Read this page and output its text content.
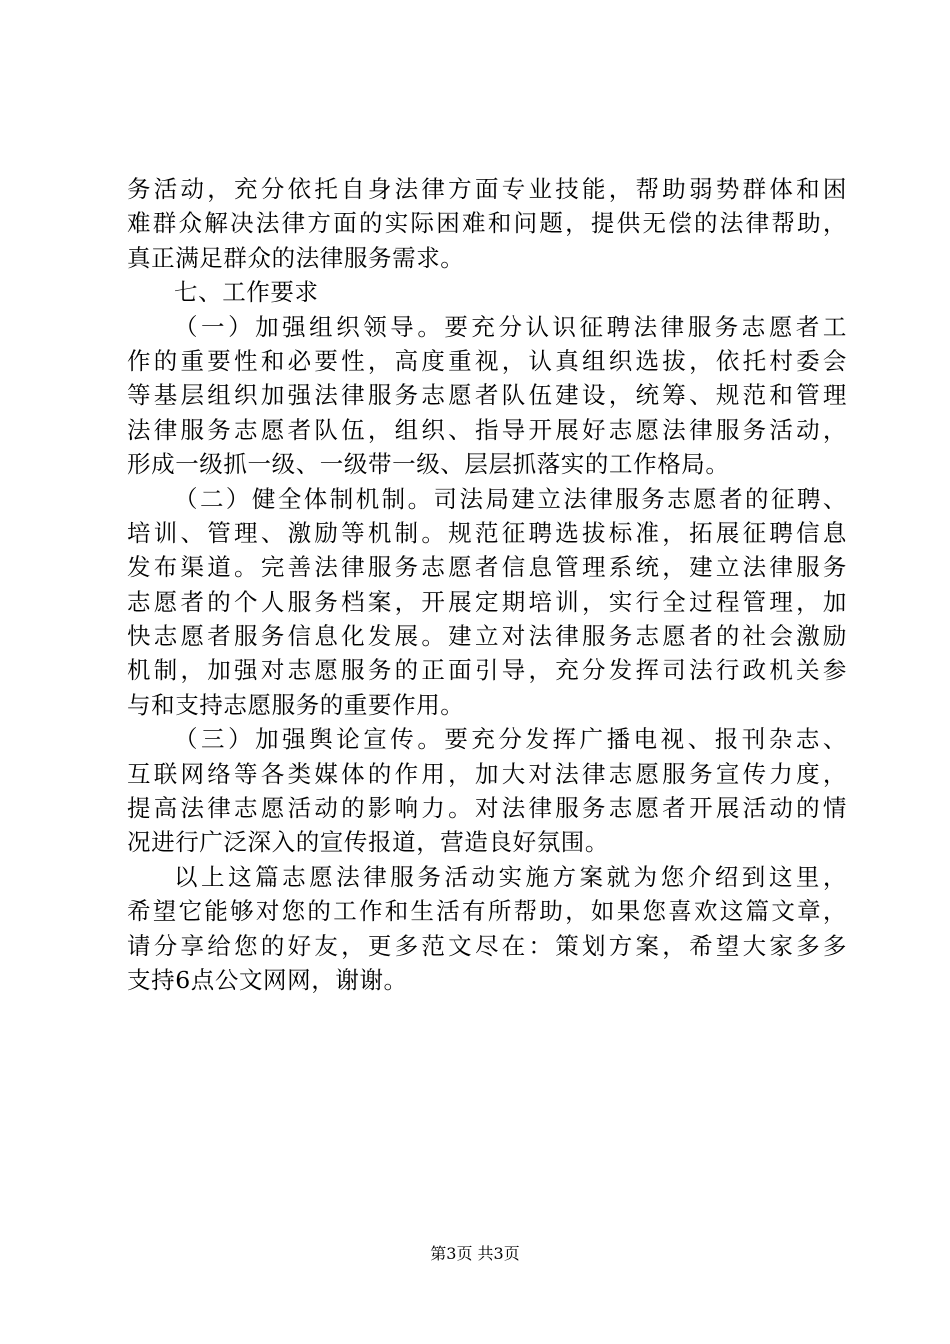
务活动，充分依托自身法律方面专业技能，帮助弱势群体和困
难群众解决法律方面的实际困难和问题，提供无偿的法律帮助，
真正满足群众的法律服务需求。
七、工作要求
（一）加强组织领导。要充分认识征聘法律服务志愿者工
作的重要性和必要性，高度重视，认真组织选拔，依托村委会
等基层组织加强法律服务志愿者队伍建设，统筹、规范和管理
法律服务志愿者队伍，组织、指导开展好志愿法律服务活动，
形成一级抓一级、一级带一级、层层抓落实的工作格局。
（二）健全体制机制。司法局建立法律服务志愿者的征聘、
培训、管理、激励等机制。规范征聘选拔标准，拓展征聘信息
发布渠道。完善法律服务志愿者信息管理系统，建立法律服务
志愿者的个人服务档案，开展定期培训，实行全过程管理，加
快志愿者服务信息化发展。建立对法律服务志愿者的社会激励
机制，加强对志愿服务的正面引导，充分发挥司法行政机关参
与和支持志愿服务的重要作用。
（三）加强舆论宣传。要充分发挥广播电视、报刊杂志、
互联网络等各类媒体的作用，加大对法律志愿服务宣传力度，
提高法律志愿活动的影响力。对法律服务志愿者开展活动的情
况进行广泛深入的宣传报道，营造良好氛围。
以上这篇志愿法律服务活动实施方案就为您介绍到这里，
希望它能够对您的工作和生活有所帮助，如果您喜欢这篇文章，
请分享给您的好友，更多范文尽在：策划方案，希望大家多多
支持6点公文网网，谢谢。
第3页 共3页
